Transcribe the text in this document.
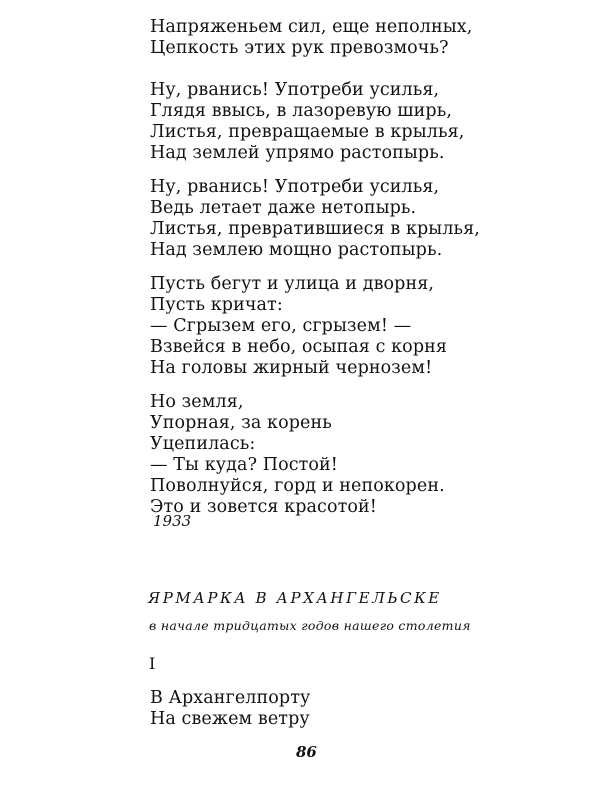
Напряженьем сил, еще неполных,
Цепкость этих рук превозмочь?
Ну, рванись! Употреби усилья,
Глядя ввысь, в лазоревую ширь,
Листья, превращаемые в крылья,
Над землей упрямо растопырь.
Ну, рванись! Употреби усилья,
Ведь летает даже нетопырь.
Листья, превратившиеся в крылья,
Над землею мощно растопырь.
Пусть бегут и улица и дворня,
Пусть кричат:
— Сгрызем его, сгрызем! —
Взвейся в небо, осыпая с корня
На головы жирный чернозем!
Но земля,
Упорная, за корень
Уцепилась:
— Ты куда? Постой!
Поволнуйся, горд и непокорен.
Это и зовется красотой!
1933
ЯРМАРКА В АРХАНГЕЛЬСКЕ
в начале тридцатых годов нашего столетия
I
В Архангелпорту
На свежем ветру
86
